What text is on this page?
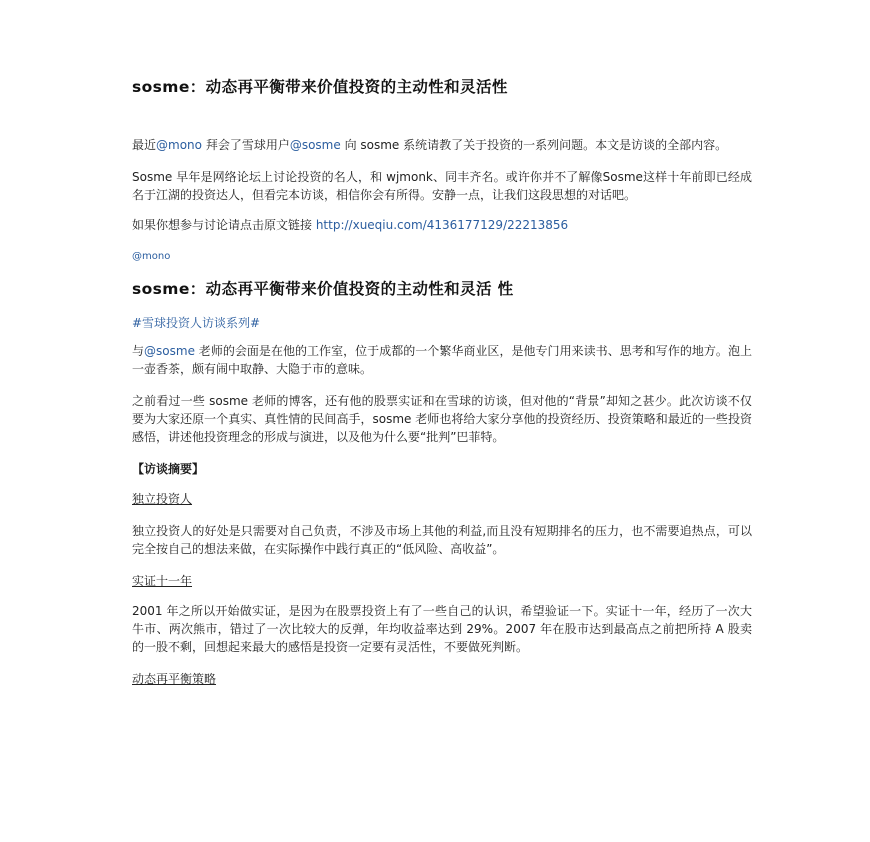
sosme：动态再平衡带来价值投资的主动性和灵活性

最近@mono 拜会了雪球用户@sosme 向 sosme 系统请教了关于投资的一系列问题。本文是访谈的全部内容。

Sosme 早年是网络论坛上讨论投资的名人，和 wjmonk、同丰齐名。或许你并不了解像Sosme这样十年前即已经成名于江湖的投资达人，但看完本访谈，相信你会有所得。安静一点，让我们这段思想的对话吧。

如果你想参与讨论请点击原文链接 http://xueqiu.com/4136177129/22213856

@mono

sosme：动态再平衡带来价值投资的主动性和灵活 性

#雪球投资人访谈系列#

与@sosme 老师的会面是在他的工作室，位于成都的一个繁华商业区，是他专门用来读书、思考和写作的地方。泡上一壶香茶，颇有闹中取静、大隐于市的意味。

之前看过一些 sosme 老师的博客，还有他的股票实证和在雪球的访谈，但对他的“背景”却知之甚少。此次访谈不仅要为大家还原一个真实、真性情的民间高手，sosme 老师也将给大家分享他的投资经历、投资策略和最近的一些投资感悟，讲述他投资理念的形成与演进，以及他为什么要“批判”巴菲特。

【访谈摘要】

独立投资人

独立投资人的好处是只需要对自己负责，不涉及市场上其他的利益,而且没有短期排名的压力，也不需要追热点，可以完全按自己的想法来做，在实际操作中践行真正的“低风险、高收益”。

实证十一年

2001 年之所以开始做实证，是因为在股票投资上有了一些自己的认识，希望验证一下。实证十一年，经历了一次大牛市、两次熊市，错过了一次比较大的反弹，年均收益率达到 29%。2007 年在股市达到最高点之前把所持 A 股卖的一股不剩，回想起来最大的感悟是投资一定要有灵活性，不要做死判断。

动态再平衡策略
